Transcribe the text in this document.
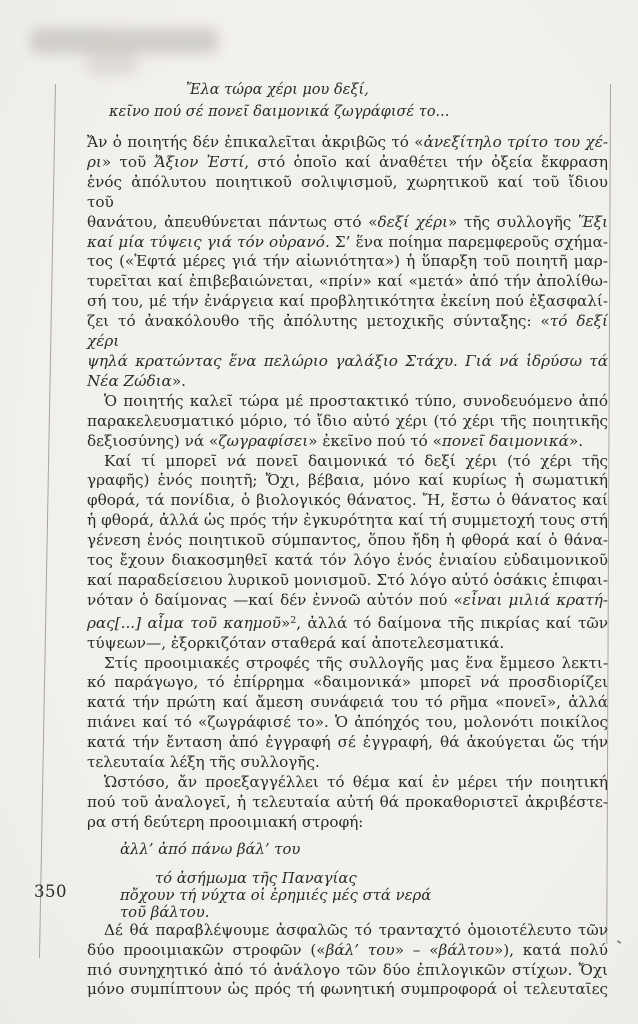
350
Ἔλα τώρα χέρι μου δεξί,
κεῖνο πού σέ πονεῖ δαιμονικά ζωγράφισέ το...
Ἄν ὁ ποιητής δέν ἐπικαλεῖται ἀκριβῶς τό «ἀνεξίτηλο τρίτο του χέ-
ρι» τοῦ Ἄξιον Ἐστί, στό ὁποῖο καί ἀναθέτει τήν ὀξεία ἔκφραση
ἑνός ἀπόλυτου ποιητικοῦ σολιψισμοῦ, χωρητικοῦ καί τοῦ ἴδιου τοῦ
θανάτου, ἀπευθύνεται πάντως στό «δεξί χέρι» τῆς συλλογῆς Ἕξι
καί μία τύψεις γιά τόν οὐρανό. Σ’ ἕνα ποίημα παρεμφεροῦς σχήμα-
τος («Ἑφτά μέρες γιά τήν αἰωνιότητα») ἡ ὕπαρξη τοῦ ποιητῆ μαρ-
τυρεῖται καί ἐπιβεβαιώνεται, «πρίν» καί «μετά» ἀπό τήν ἀπολίθω-
σή του, μέ τήν ἐνάργεια καί προβλητικότητα ἐκείνη πού ἐξασφαλί-
ζει τό ἀνακόλουθο τῆς ἀπόλυτης μετοχικῆς σύνταξης: «τό δεξί χέρι
ψηλά κρατώντας ἕνα πελώριο γαλάξιο Στάχυ. Γιά νά ἱδρύσω τά
Νέα Ζώδια».
Ὁ ποιητής καλεῖ τώρα μέ προστακτικό τύπο, συνοδευόμενο ἀπό
παρακελευσματικό μόριο, τό ἴδιο αὐτό χέρι (τό χέρι τῆς ποιητικῆς
δεξιοσύνης) νά «ζωγραφίσει» ἐκεῖνο πού τό «πονεῖ δαιμονικά».
Καί τί μπορεῖ νά πονεῖ δαιμονικά τό δεξί χέρι (τό χέρι τῆς
γραφῆς) ἑνός ποιητῆ; Ὄχι, βέβαια, μόνο καί κυρίως ἡ σωματική
φθορά, τά πονίδια, ὁ βιολογικός θάνατος. Ἤ, ἔστω ὁ θάνατος καί
ἡ φθορά, ἀλλά ὡς πρός τήν ἐγκυρότητα καί τή συμμετοχή τους στή
γένεση ἑνός ποιητικοῦ σύμπαντος, ὅπου ἤδη ἡ φθορά καί ὁ θάνα-
τος ἔχουν διακοσμηθεῖ κατά τόν λόγο ἑνός ἑνιαίου εὐδαιμονικοῦ
καί παραδείσειου λυρικοῦ μονισμοῦ. Στό λόγο αὐτό ὁσάκις ἐπιφαι-
νόταν ὁ δαίμονας —καί δέν ἐννοῶ αὐτόν πού «εἶναι μιλιά κρατή-
ρας[...] αἷμα τοῦ καημοῦ»$^2$, ἀλλά τό δαίμονα τῆς πικρίας καί τῶν
τύψεων—, ἐξορκιζόταν σταθερά καί ἀποτελεσματικά.
Στίς προοιμιακές στροφές τῆς συλλογῆς μας ἕνα ἔμμεσο λεκτι-
κό παράγωγο, τό ἐπίρρημα «δαιμονικά» μπορεῖ νά προσδιορίζει
κατά τήν πρώτη καί ἄμεση συνάφειά του τό ρῆμα «πονεῖ», ἀλλά
πιάνει καί τό «ζωγράφισέ το». Ὁ ἀπόηχός του, μολονότι ποικίλος
κατά τήν ἔνταση ἀπό ἐγγραφή σέ ἐγγραφή, θά ἀκούγεται ὥς τήν
τελευταία λέξη τῆς συλλογῆς.
Ὡστόσο, ἄν προεξαγγέλλει τό θέμα καί ἐν μέρει τήν ποιητική
πού τοῦ ἀναλογεῖ, ἡ τελευταία αὐτή θά προκαθοριστεῖ ἀκριβέστε-
ρα στή δεύτερη προοιμιακή στροφή:
ἀλλ’ ἀπό πάνω βάλ’ του
τό ἀσήμωμα τῆς Παναγίας
πὄχουν τή νύχτα οἱ ἐρημιές μές στά νερά
τοῦ βάλτου.
Δέ θά παραβλέψουμε ἀσφαλῶς τό τρανταχτό ὁμοιοτέλευτο τῶν
δύο προοιμιακῶν στροφῶν («βάλ’ του» – «βάλτου»), κατά πολύ
πιό συνηχητικό ἀπό τό ἀνάλογο τῶν δύο ἐπιλογικῶν στίχων. Ὄχι
μόνο συμπίπτουν ὡς πρός τή φωνητική συμπροφορά οἱ τελευταῖες
